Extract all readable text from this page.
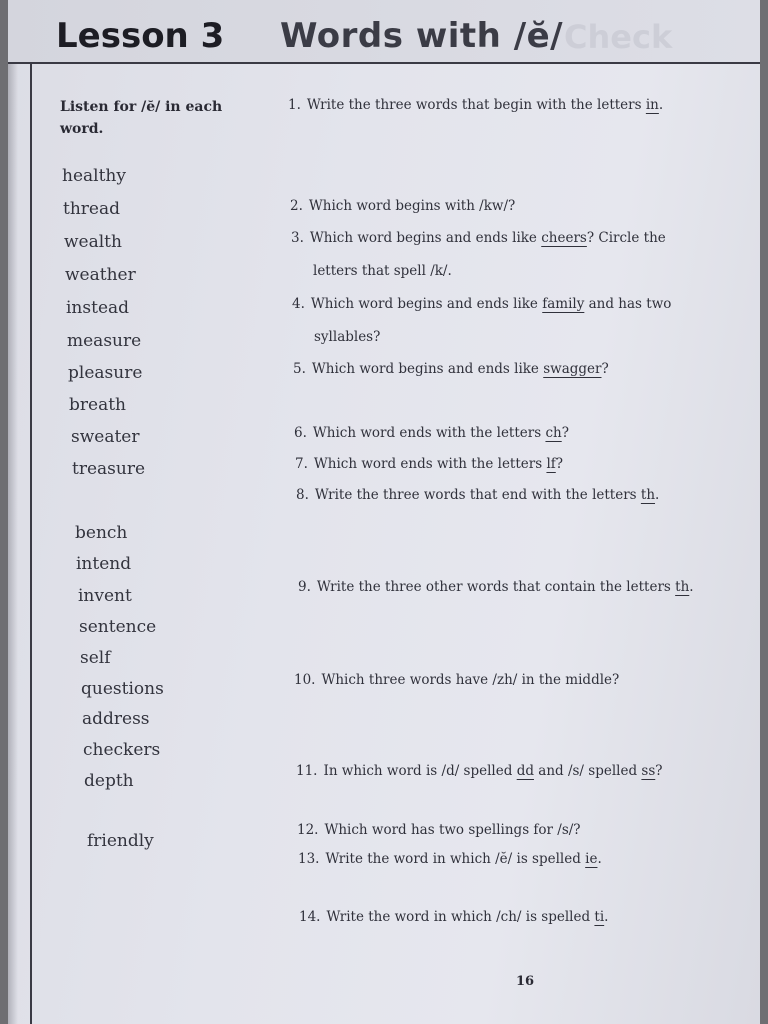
Lesson 3 Words with /ĕ/ Check

Listen for /ĕ/ in each word.

healthy
thread
wealth
weather
instead
measure
pleasure
breath
sweater
treasure
bench
intend
invent
sentence
self
questions
address
checkers
depth
friendly
1. Write the three words that begin with the letters in.
2. Which word begins with /kw/?
3. Which word begins and ends like cheers? Circle the
letters that spell /k/.
4. Which word begins and ends like family and has two
syllables?
5. Which word begins and ends like swagger?
6. Which word ends with the letters ch?
7. Which word ends with the letters lf?
8. Write the three words that end with the letters th.
9. Write the three other words that contain the letters th.
10. Which three words have /zh/ in the middle?
11. In which word is /d/ spelled dd and /s/ spelled ss?
12. Which word has two spellings for /s/?
13. Write the word in which /ĕ/ is spelled ie.
14. Write the word in which /ch/ is spelled ti.
16
